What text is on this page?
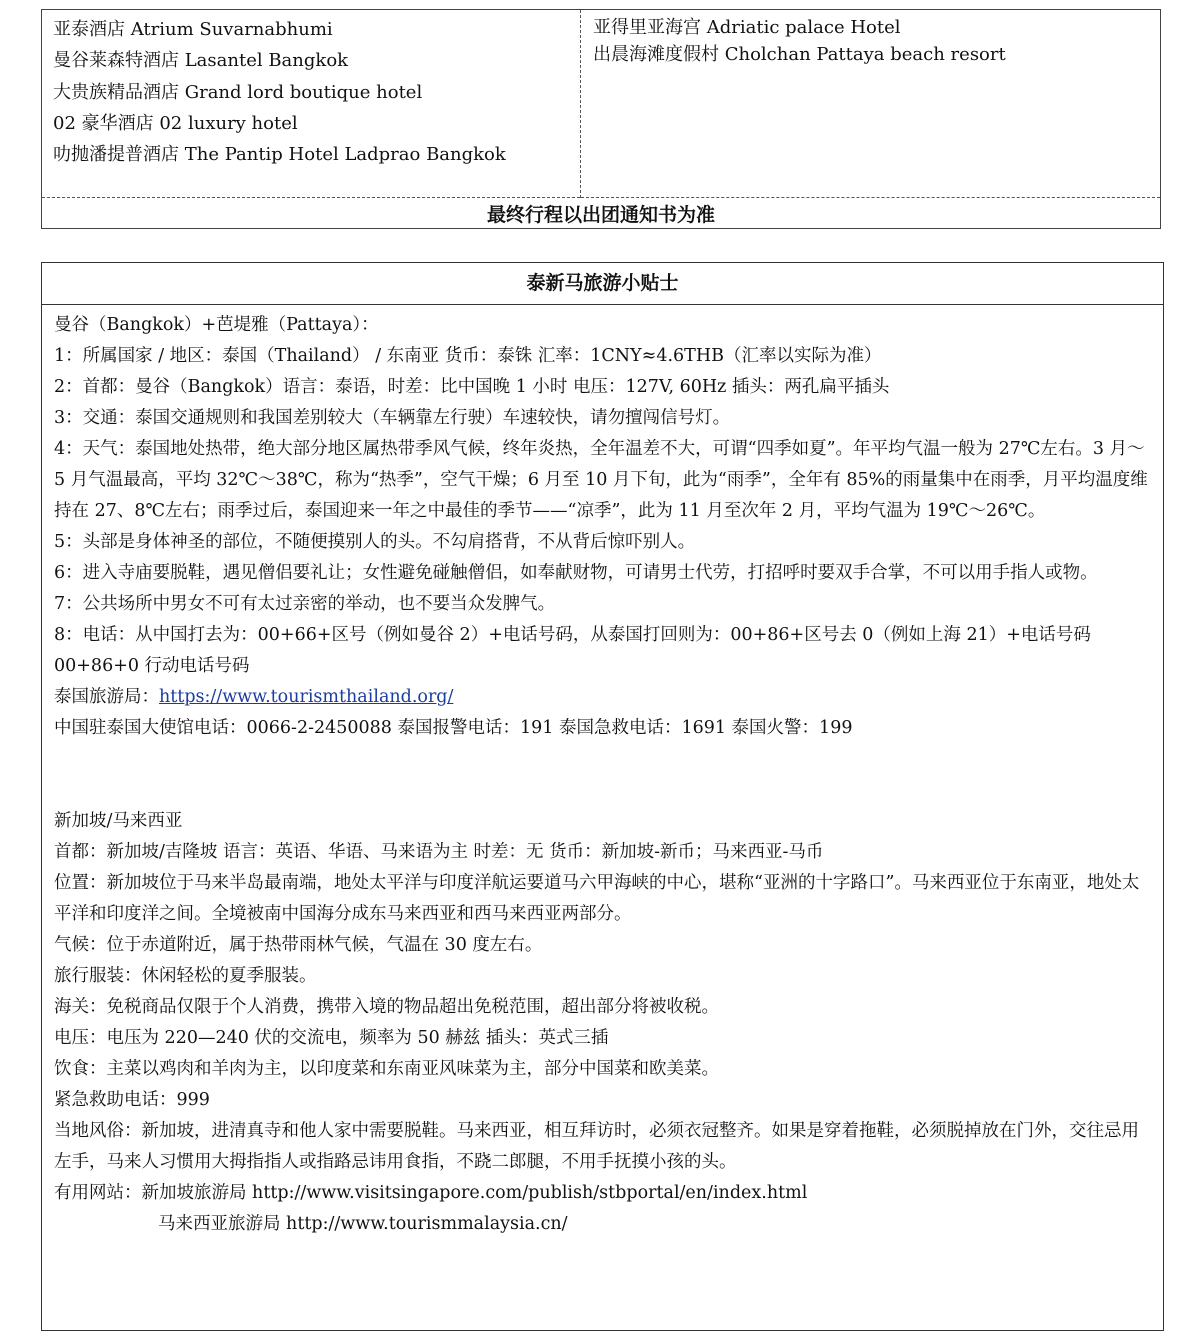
亚泰酒店 Atrium Suvarnabhumi
曼谷莱森特酒店 Lasantel Bangkok
大贵族精品酒店 Grand lord boutique hotel
02 豪华酒店 02 luxury hotel
叻抛潘提普酒店 The Pantip Hotel Ladprao Bangkok

亚得里亚海宫 Adriatic palace Hotel
出晨海滩度假村 Cholchan Pattaya beach resort

最终行程以出团通知书为准
泰新马旅游小贴士

曼谷（Bangkok）+芭堤雅（Pattaya）：

1：所属国家 / 地区：泰国（Thailand） / 东南亚 货币：泰铢 汇率：1CNY≈4.6THB（汇率以实际为准）
2：首都：曼谷（Bangkok）语言：泰语，时差：比中国晚 1 小时 电压：127V, 60Hz 插头：两孔扁平插头
3：交通：泰国交通规则和我国差别较大（车辆靠左行驶）车速较快，请勿擅闯信号灯。
4：天气：泰国地处热带，绝大部分地区属热带季风气候，终年炎热，全年温差不大，可谓“四季如夏”。年平均气温一般为 27℃左右。3 月～5 月气温最高，平均 32℃～38℃，称为“热季”，空气干燥；6 月至 10 月下旬，此为“雨季”，全年有 85%的雨量集中在雨季，月平均温度维持在 27、8℃左右；雨季过后，泰国迎来一年之中最佳的季节——“凉季”，此为 11 月至次年 2 月，平均气温为 19℃～26℃。
5：头部是身体神圣的部位，不随便摸别人的头。不勾肩搭背，不从背后惊吓别人。
6：进入寺庙要脱鞋，遇见僧侣要礼让；女性避免碰触僧侣，如奉献财物，可请男士代劳，打招呼时要双手合掌，不可以用手指人或物。
7：公共场所中男女不可有太过亲密的举动，也不要当众发脾气。
8：电话：从中国打去为：00+66+区号（例如曼谷 2）+电话号码，从泰国打回则为：00+86+区号去 0（例如上海 21）+电话号码
00+86+0 行动电话号码

泰国旅游局：https://www.tourismthailand.org/

中国驻泰国大使馆电话：0066-2-2450088 泰国报警电话：191 泰国急救电话：1691 泰国火警：199

新加坡/马来西亚

首都：新加坡/吉隆坡 语言：英语、华语、马来语为主 时差：无 货币：新加坡-新币；马来西亚-马币
位置：新加坡位于马来半岛最南端，地处太平洋与印度洋航运要道马六甲海峡的中心，堪称“亚洲的十字路口”。马来西亚位于东南亚，地处太平洋和印度洋之间。全境被南中国海分成东马来西亚和西马来西亚两部分。
气候：位于赤道附近，属于热带雨林气候，气温在 30 度左右。
旅行服装：休闲轻松的夏季服装。
海关：免税商品仅限于个人消费，携带入境的物品超出免税范围，超出部分将被收税。
电压：电压为 220—240 伏的交流电，频率为 50 赫兹 插头：英式三插
饮食：主菜以鸡肉和羊肉为主，以印度菜和东南亚风味菜为主，部分中国菜和欧美菜。
紧急救助电话：999
当地风俗：新加坡，进清真寺和他人家中需要脱鞋。马来西亚，相互拜访时，必须衣冠整齐。如果是穿着拖鞋，必须脱掉放在门外，交往忌用左手，马来人习惯用大拇指指人或指路忌讳用食指，不跷二郎腿，不用手抚摸小孩的头。

有用网站：新加坡旅游局 http://www.visitsingapore.com/publish/stbportal/en/index.html

马来西亚旅游局 http://www.tourismmalaysia.cn/
